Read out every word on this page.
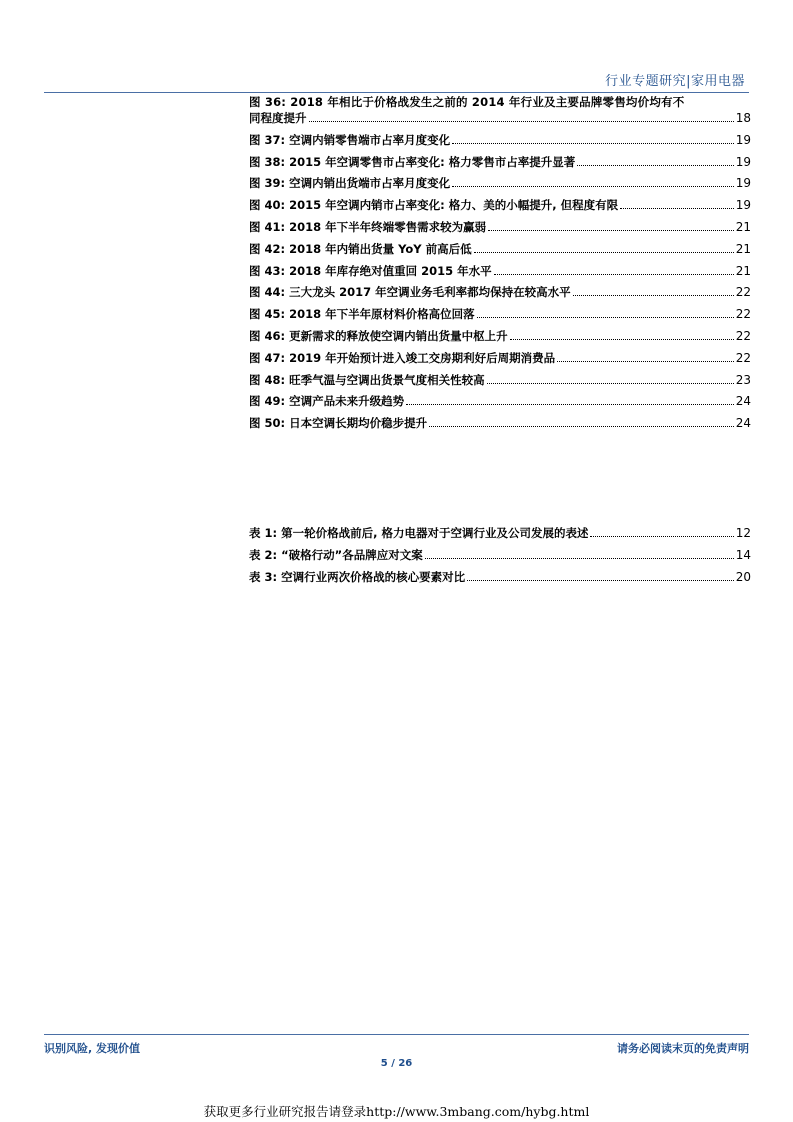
行业专题研究|家用电器
图 36: 2018 年相比于价格战发生之前的 2014 年行业及主要品牌零售均价均有不
同程度提升	18
图 37: 空调内销零售端市占率月度变化	19
图 38: 2015 年空调零售市占率变化: 格力零售市占率提升显著	19
图 39: 空调内销出货端市占率月度变化	19
图 40: 2015 年空调内销市占率变化: 格力、美的小幅提升, 但程度有限	19
图 41: 2018 年下半年终端零售需求较为赢弱	21
图 42: 2018 年内销出货量 YoY 前高后低	21
图 43: 2018 年库存绝对值重回 2015 年水平	21
图 44: 三大龙头 2017 年空调业务毛利率都均保持在较高水平	22
图 45: 2018 年下半年原材料价格高位回落	22
图 46: 更新需求的释放使空调内销出货量中枢上升	22
图 47: 2019 年开始预计进入竣工交房期利好后周期消费品	22
图 48: 旺季气温与空调出货景气度相关性较高	23
图 49: 空调产品未来升级趋势	24
图 50: 日本空调长期均价稳步提升	24
表 1: 第一轮价格战前后, 格力电器对于空调行业及公司发展的表述	12
表 2: “破格行动”各品牌应对文案	14
表 3: 空调行业两次价格战的核心要素对比	20
识别风险, 发现价值	请务必阅读末页的免责声明
5 / 26
获取更多行业研究报告请登录http://www.3mbang.com/hybg.html
